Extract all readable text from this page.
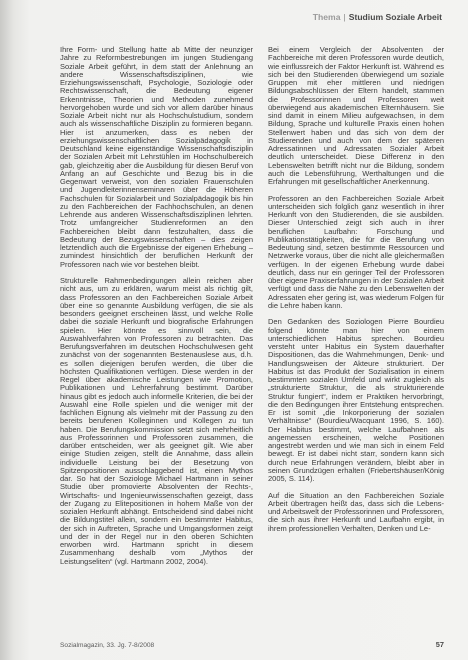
Thema | Studium Soziale Arbeit

Ihre Form- und Stellung hatte ab Mitte der neunziger Jahre zu Reformbestrebungen im jungen Studiengang Soziale Arbeit geführt, in dem statt der Anlehnung an andere Wissenschaftsdisziplinen, wie Erziehungswissenschaft, Psychologie, Soziologie oder Rechtswissenschaft, die Bedeutung eigener Erkenntnisse, Theorien und Methoden zunehmend hervorgehoben wurde und sich vor allem darüber hinaus Soziale Arbeit nicht nur als Hochschulstudium, sondern auch als wissenschaftliche Disziplin zu formieren begann. Hier ist anzumerken, dass es neben der erziehungswissenschaftlichen Sozialpädagogik in Deutschland keine eigenständige Wissenschaftsdisziplin der Sozialen Arbeit mit Lehrstühlen im Hochschulbereich gab, gleichzeitig aber die Ausbildung für diesen Beruf von Anfang an auf Geschichte und Bezug bis in die Gegenwart verweist, von den sozialen Frauenschulen und Jugendleiterinnenseminaren über die Höheren Fachschulen für Sozialarbeit und Sozialpädagogik bis hin zu den Fachbereichen der Fachhochschulen, an denen Lehrende aus anderen Wissenschaftsdisziplinen lehrten. Trotz umfangreicher Studienreformen an den Fachbereichen bleibt dann festzuhalten, dass die Bedeutung der Bezugswissenschaften – dies zeigen letztendlich auch die Ergebnisse der eigenen Erhebung – zumindest hinsichtlich der beruflichen Herkunft der Professoren nach wie vor bestehen bleibt.

Strukturelle Rahmenbedingungen allein reichen aber nicht aus, um zu erklären, warum meist als richtig gilt, dass Professoren an den Fachbereichen Soziale Arbeit über eine so genannte Ausbildung verfügen, die sie als besonders geeignet erscheinen lässt, und welche Rolle dabei die soziale Herkunft und biografische Erfahrungen spielen. Hier könnte es sinnvoll sein, die Auswahlverfahren von Professoren zu betrachten. Das Berufungsverfahren im deutschen Hochschulwesen geht zunächst von der sogenannten Bestenauslese aus, d.h. es sollen diejenigen berufen werden, die über die höchsten Qualifikationen verfügen. Diese werden in der Regel über akademische Leistungen wie Promotion, Publikationen und Lehrerfahrung bestimmt. Darüber hinaus gibt es jedoch auch informelle Kriterien, die bei der Auswahl eine Rolle spielen und die weniger mit der fachlichen Eignung als vielmehr mit der Passung zu den bereits berufenen Kolleginnen und Kollegen zu tun haben. Die Berufungskommission setzt sich mehrheitlich aus Professorinnen und Professoren zusammen, die darüber entscheiden, wer als geeignet gilt. Wie aber einige Studien zeigen, stellt die Annahme, dass allein individuelle Leistung bei der Besetzung von Spitzenpositionen ausschlaggebend ist, einen Mythos dar. So hat der Soziologe Michael Hartmann in seiner Studie über promovierte Absolventen der Rechts-, Wirtschafts- und Ingenieurwissenschaften gezeigt, dass der Zugang zu Elitepositionen in hohem Maße von der sozialen Herkunft abhängt. Entscheidend sind dabei nicht die Bildungstitel allein, sondern ein bestimmter Habitus, der sich in Auftreten, Sprache und Umgangsformen zeigt und der in der Regel nur in den oberen Schichten erworben wird. Hartmann spricht in diesem Zusammenhang deshalb vom „Mythos der Leistungseliten“ (vgl. Hartmann 2002, 2004).

Bei einem Vergleich der Absolventen der Fachbereiche mit deren Professoren wurde deutlich, wie einflussreich der Faktor Herkunft ist. Während es sich bei den Studierenden überwiegend um soziale Gruppen mit eher mittleren und niedrigen Bildungsabschlüssen der Eltern handelt, stammen die Professorinnen und Professoren weit überwiegend aus akademischen Elternhäusern. Sie sind damit in einem Milieu aufgewachsen, in dem Bildung, Sprache und kulturelle Praxis einen hohen Stellenwert haben und das sich von dem der Studierenden und auch von dem der späteren Adressatinnen und Adressaten Sozialer Arbeit deutlich unterscheidet. Diese Differenz in den Lebenswelten betrifft nicht nur die Bildung, sondern auch die Lebensführung, Werthaltungen und die Erfahrungen mit gesellschaftlicher Anerkennung.

Professoren an den Fachbereichen Soziale Arbeit unterscheiden sich folglich ganz wesentlich in ihrer Herkunft von den Studierenden, die sie ausbilden. Dieser Unterschied zeigt sich auch in ihrer beruflichen Laufbahn: Forschung und Publikationstätigkeiten, die für die Berufung von Bedeutung sind, setzen bestimmte Ressourcen und Netzwerke voraus, über die nicht alle gleichermaßen verfügen. In der eigenen Erhebung wurde dabei deutlich, dass nur ein geringer Teil der Professoren über eigene Praxiserfahrungen in der Sozialen Arbeit verfügt und dass die Nähe zu den Lebenswelten der Adressaten eher gering ist, was wiederum Folgen für die Lehre haben kann.

Den Gedanken des Soziologen Pierre Bourdieu folgend könnte man hier von einem unterschiedlichen Habitus sprechen. Bourdieu versteht unter Habitus ein System dauerhafter Dispositionen, das die Wahrnehmungen, Denk- und Handlungsweisen der Akteure strukturiert. Der Habitus ist das Produkt der Sozialisation in einem bestimmten sozialen Umfeld und wirkt zugleich als „strukturierte Struktur, die als strukturierende Struktur fungiert“, indem er Praktiken hervorbringt, die den Bedingungen ihrer Entstehung entsprechen. Er ist somit „die Inkorporierung der sozialen Verhältnisse“ (Bourdieu/Wacquant 1996, S. 160). Der Habitus bestimmt, welche Laufbahnen als angemessen erscheinen, welche Positionen angestrebt werden und wie man sich in einem Feld bewegt. Er ist dabei nicht starr, sondern kann sich durch neue Erfahrungen verändern, bleibt aber in seinen Grundzügen erhalten (Friebertshäuser/König 2005, S. 114).

Auf die Situation an den Fachbereichen Soziale Arbeit übertragen heißt das, dass sich die Lebens- und Arbeitswelt der Professorinnen und Professoren, die sich aus ihrer Herkunft und Laufbahn ergibt, in ihrem professionellen Verhalten, Denken und Le-

Sozialmagazin, 33. Jg. 7-8/2008	57
